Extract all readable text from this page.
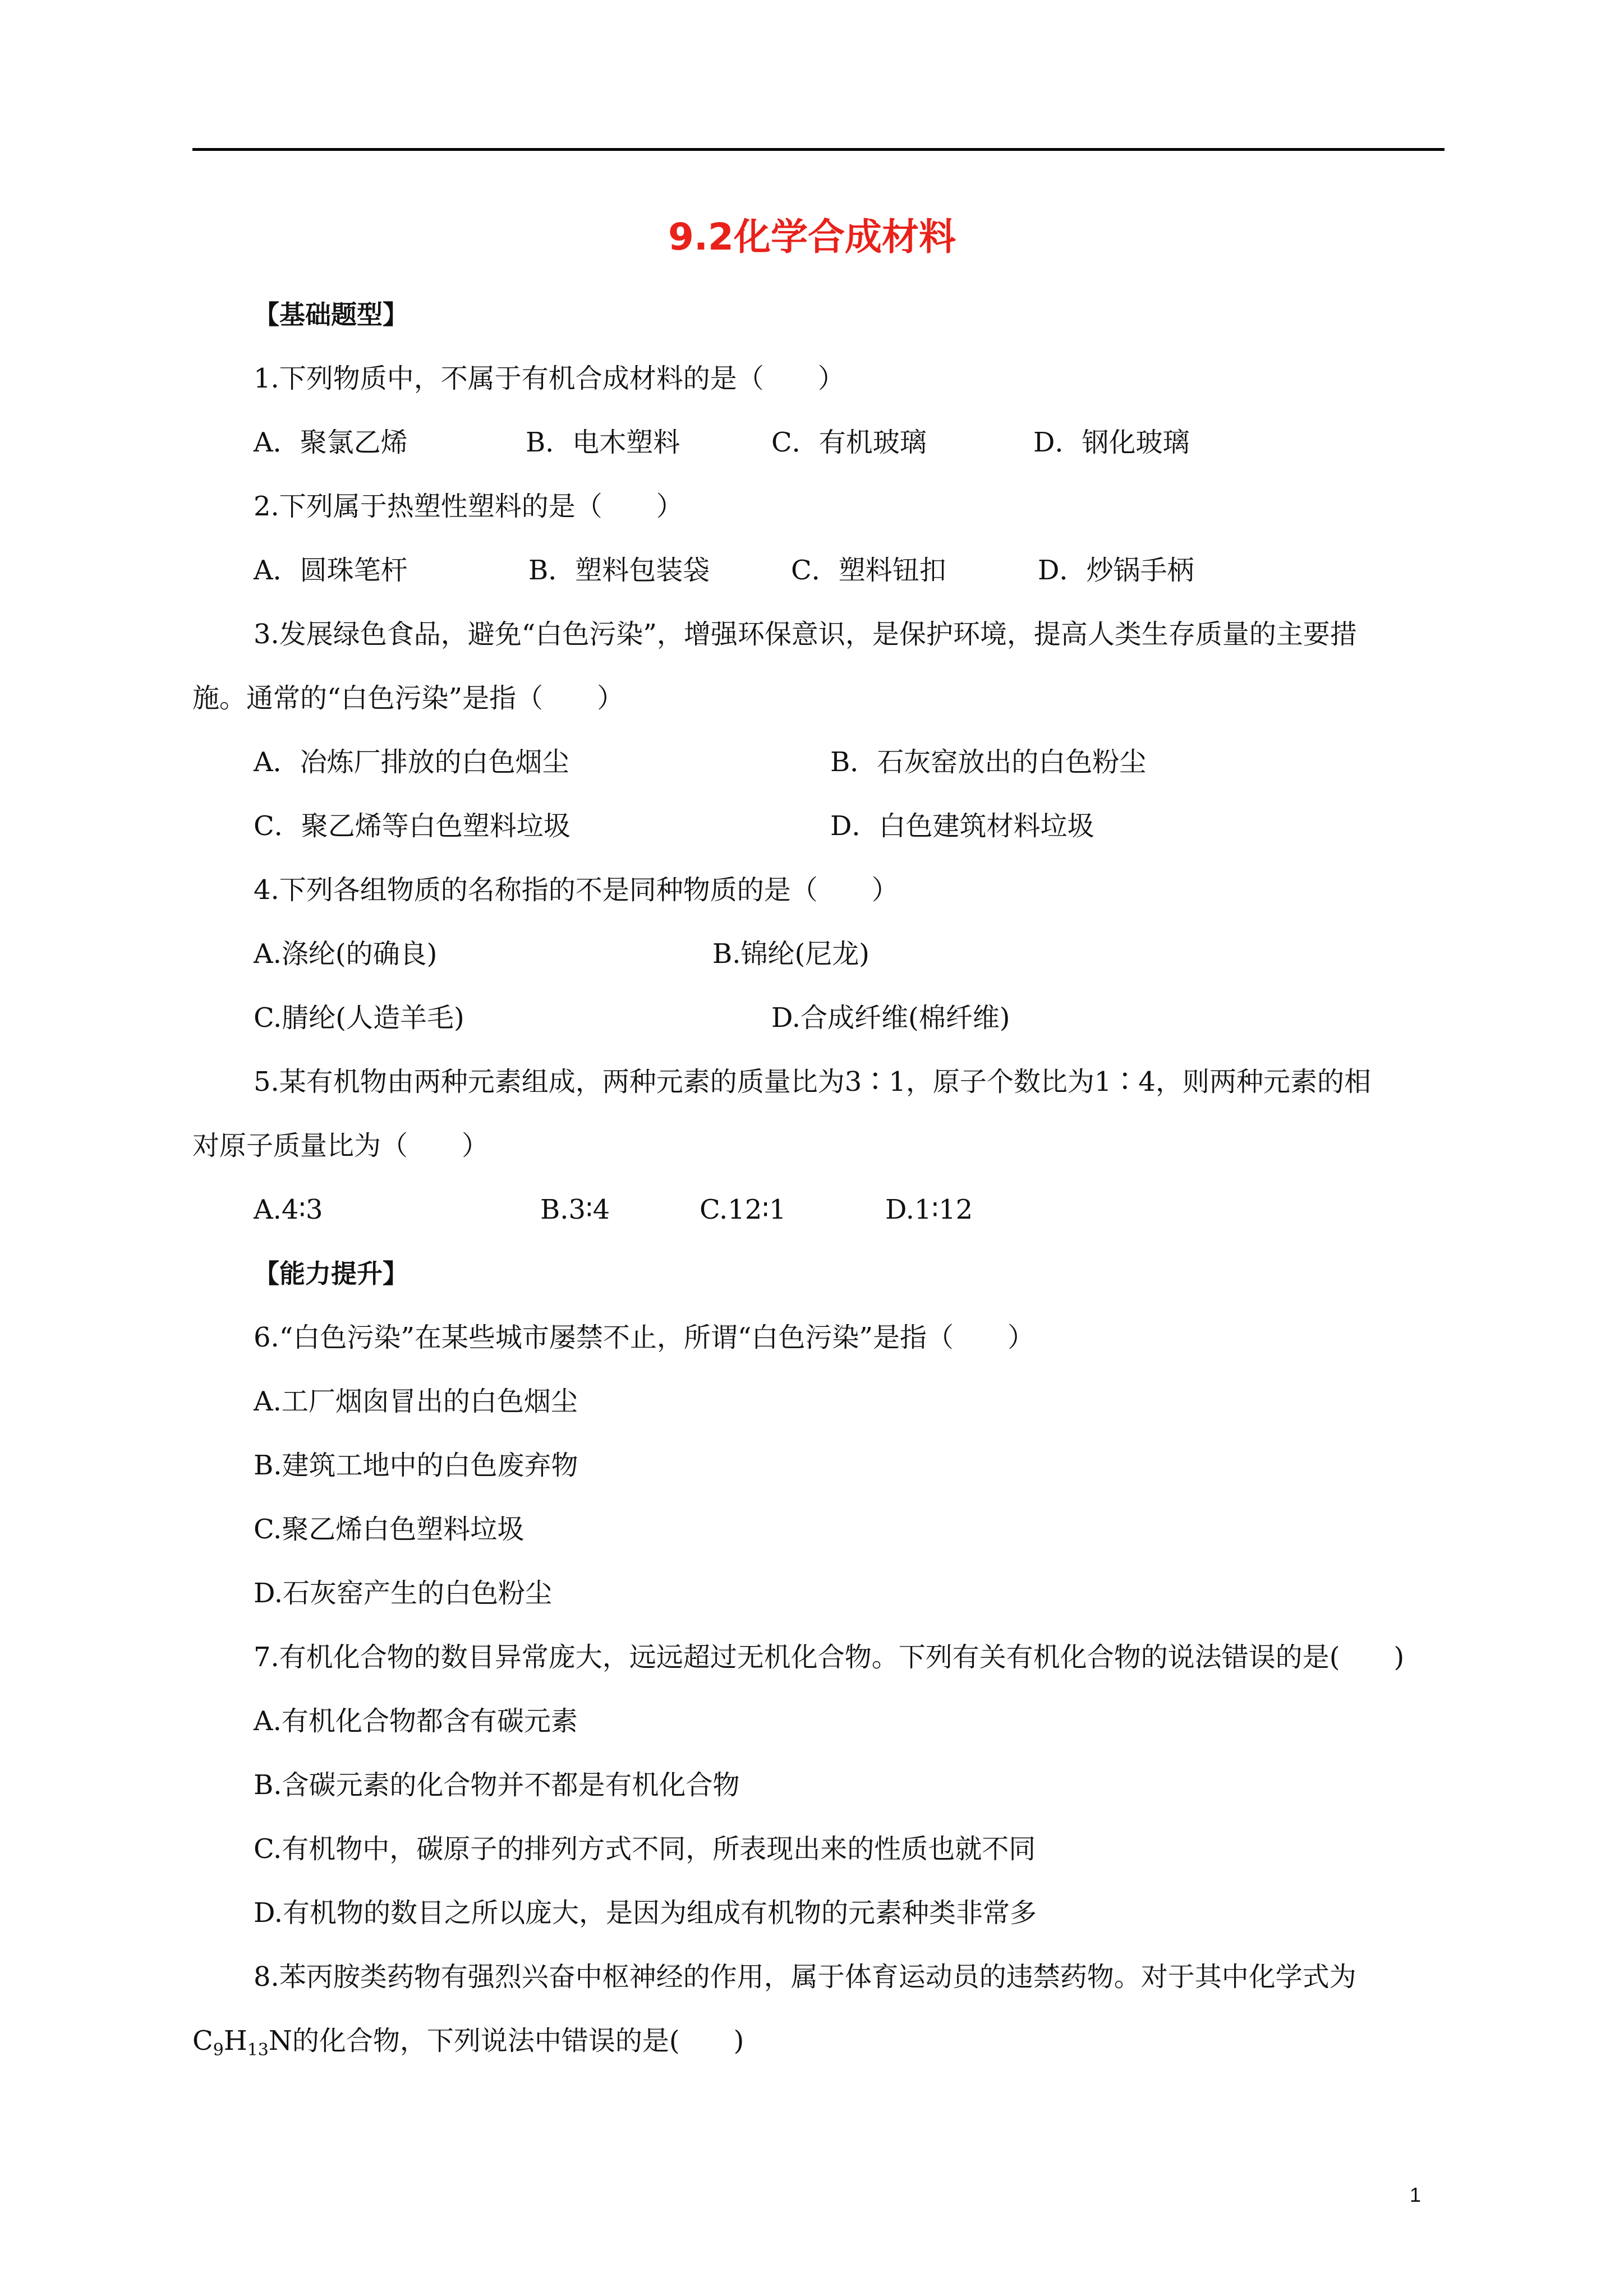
9.2化学合成材料
【基础题型】
1.下列物质中，不属于有机合成材料的是（　　）
A．聚氯乙烯	B．电木塑料	C．有机玻璃	D．钢化玻璃
2.下列属于热塑性塑料的是（　　）
A．圆珠笔杆	B．塑料包装袋	C．塑料钮扣	D．炒锅手柄
3.发展绿色食品，避免“白色污染”，增强环保意识，是保护环境，提高人类生存质量的主要措
施。通常的“白色污染”是指（　　）
A．冶炼厂排放的白色烟尘	B．石灰窑放出的白色粉尘
C．聚乙烯等白色塑料垃圾	D．白色建筑材料垃圾
4.下列各组物质的名称指的不是同种物质的是（　　）
A.涤纶(的确良)	B.锦纶(尼龙)
C.腈纶(人造羊毛)	D.合成纤维(棉纤维)
5.某有机物由两种元素组成，两种元素的质量比为3∶1，原子个数比为1∶4，则两种元素的相
对原子质量比为（　　）
A.4∶3	B.3∶4	C.12∶1	D.1∶12
【能力提升】
6.“白色污染”在某些城市屡禁不止，所谓“白色污染”是指（　　）
A.工厂烟囱冒出的白色烟尘
B.建筑工地中的白色废弃物
C.聚乙烯白色塑料垃圾
D.石灰窑产生的白色粉尘
7.有机化合物的数目异常庞大，远远超过无机化合物。下列有关有机化合物的说法错误的是(　　)
A.有机化合物都含有碳元素
B.含碳元素的化合物并不都是有机化合物
C.有机物中，碳原子的排列方式不同，所表现出来的性质也就不同
D.有机物的数目之所以庞大，是因为组成有机物的元素种类非常多
8.苯丙胺类药物有强烈兴奋中枢神经的作用，属于体育运动员的违禁药物。对于其中化学式为
$C_9H_{13}N$的化合物，下列说法中错误的是(　　)
1
